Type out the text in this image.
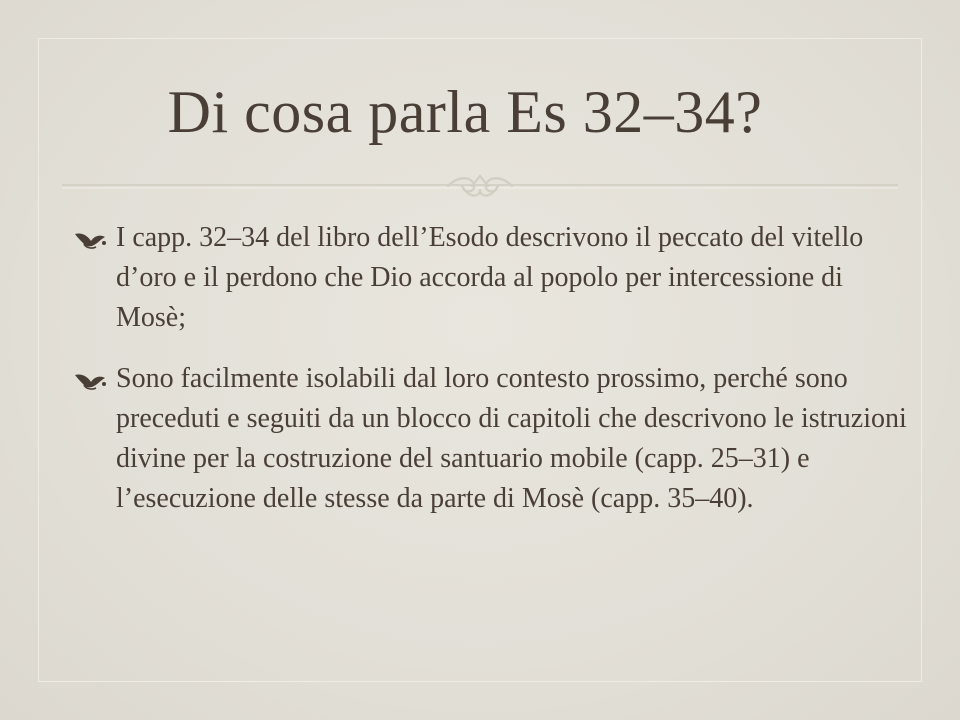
Di cosa parla Es 32–34?
I capp. 32–34 del libro dell’Esodo descrivono il peccato del vitello d’oro e il perdono che Dio accorda al popolo per intercessione di Mosè;
Sono facilmente isolabili dal loro contesto prossimo, perché sono preceduti e seguiti da un blocco di capitoli che descrivono le istruzioni divine per la costruzione del santuario mobile (capp. 25–31) e l’esecuzione delle stesse da parte di Mosè (capp. 35–40).
